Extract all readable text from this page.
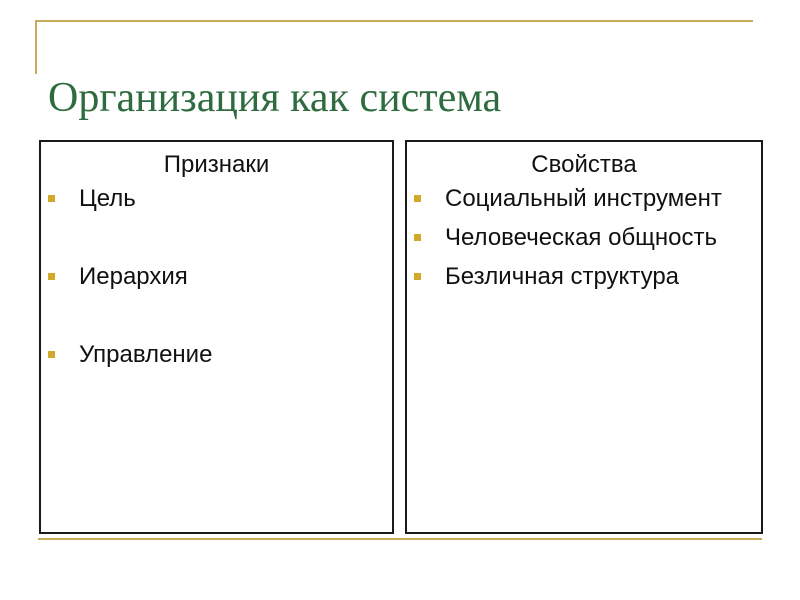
Организация как система
Признаки
Цель
Иерархия
Управление
Свойства
Социальный инструмент
Человеческая общность
Безличная структура
